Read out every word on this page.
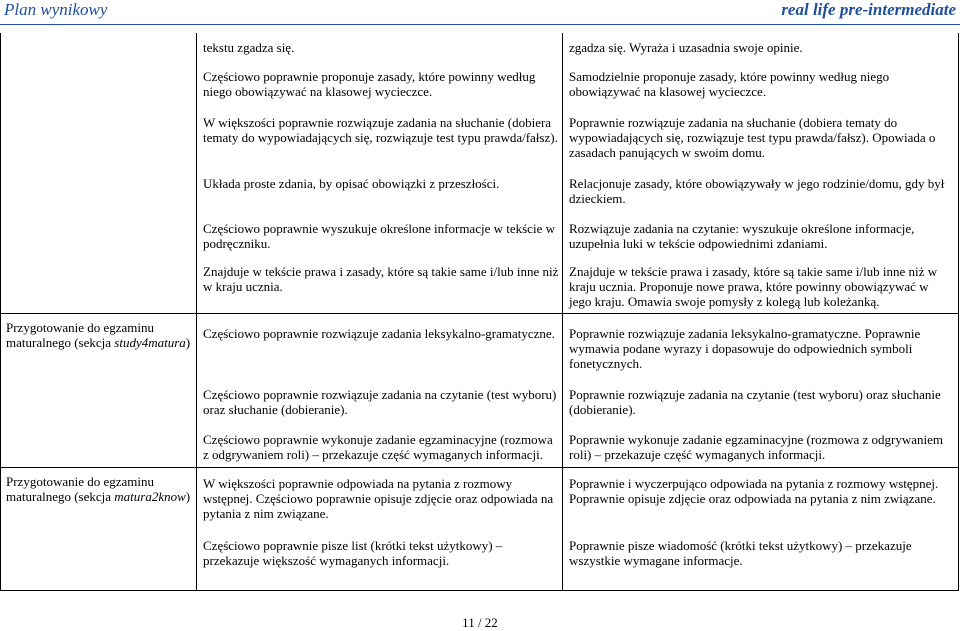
Plan wynikowy	real life pre-intermediate
Przygotowanie do egzaminu maturalnego (sekcja study4matura)
Przygotowanie do egzaminu maturalnego (sekcja matura2know)
tekstu zgadza się.
Częściowo poprawnie proponuje zasady, które powinny według niego obowiązywać na klasowej wycieczce.
W większości poprawnie rozwiązuje zadania na słuchanie (dobiera tematy do wypowiadających się, rozwiązuje test typu prawda/fałsz).
Układa proste zdania, by opisać obowiązki z przeszłości.
Częściowo poprawnie wyszukuje określone informacje w tekście w podręczniku.
Znajduje w tekście prawa i zasady, które są takie same i/lub inne niż w kraju ucznia.
Częściowo poprawnie rozwiązuje zadania leksykalno-gramatyczne.
Częściowo poprawnie rozwiązuje zadania na czytanie (test wyboru) oraz słuchanie (dobieranie).
Częściowo poprawnie wykonuje zadanie egzaminacyjne (rozmowa z odgrywaniem roli) – przekazuje część wymaganych informacji.
W większości poprawnie odpowiada na pytania z rozmowy wstępnej. Częściowo poprawnie opisuje zdjęcie oraz odpowiada na pytania z nim związane.
Częściowo poprawnie pisze list (krótki tekst użytkowy) – przekazuje większość wymaganych informacji.
zgadza się. Wyraża i uzasadnia swoje opinie.
Samodzielnie proponuje zasady, które powinny według niego obowiązywać na klasowej wycieczce.
Poprawnie rozwiązuje zadania na słuchanie (dobiera tematy do wypowiadających się, rozwiązuje test typu prawda/fałsz). Opowiada o zasadach panujących w swoim domu.
Relacjonuje zasady, które obowiązywały w jego rodzinie/domu, gdy był dzieckiem.
Rozwiązuje zadania na czytanie: wyszukuje określone informacje, uzupełnia luki w tekście odpowiednimi zdaniami.
Znajduje w tekście prawa i zasady, które są takie same i/lub inne niż w kraju ucznia. Proponuje nowe prawa, które powinny obowiązywać w jego kraju. Omawia swoje pomysły z kolegą lub koleżanką.
Poprawnie rozwiązuje zadania leksykalno-gramatyczne. Poprawnie wymawia podane wyrazy i dopasowuje do odpowiednich symboli fonetycznych.
Poprawnie rozwiązuje zadania na czytanie (test wyboru) oraz słuchanie (dobieranie).
Poprawnie wykonuje zadanie egzaminacyjne (rozmowa z odgrywaniem roli) – przekazuje część wymaganych informacji.
Poprawnie i wyczerpująco odpowiada na pytania z rozmowy wstępnej. Poprawnie opisuje zdjęcie oraz odpowiada na pytania z nim związane.
Poprawnie pisze wiadomość (krótki tekst użytkowy) – przekazuje wszystkie wymagane informacje.
11 / 22
